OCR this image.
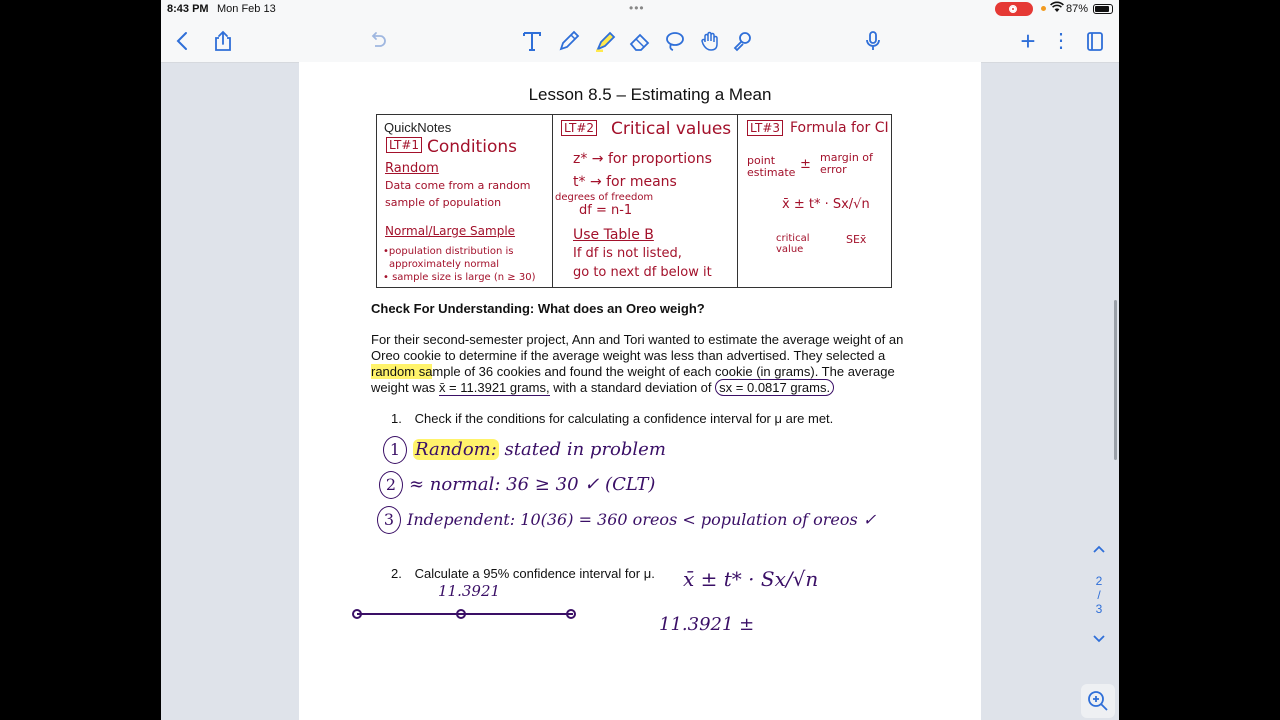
8:43 PM Mon Feb 13	•••	87%
+ ⋮
Lesson 8.5 – Estimating a Mean
QuickNotes
LT#1 Conditions
Random
Data come from a random
sample of population
Normal/Large Sample
•population distribution is
approximately normal
• sample size is large (n ≥ 30)
LT#2 Critical values
z* → for proportions
t* → for means
degrees of freedom
df = n-1
Use Table B
If df is not listed,
go to next df below it
LT#3 Formula for CI
point estimate
± margin of error
x̄ ± t* · Sx/√n
critical value
SEx̄
Check For Understanding: What does an Oreo weigh?
For their second-semester project, Ann and Tori wanted to estimate the average weight of an Oreo cookie to determine if the average weight was less than advertised. They selected a random sample of 36 cookies and found the weight of each cookie (in grams). The average weight was x̄ = 11.3921 grams, with a standard deviation of sx = 0.0817 grams.
1. Check if the conditions for calculating a confidence interval for μ are met.
1 Random: stated in problem
2 ≈ normal: 36 ≥ 30 ✓ (CLT)
3 Independent: 10(36) = 360 oreos < population of oreos ✓
2. Calculate a 95% confidence interval for μ.
11.3921	x̄ ± t* · Sx/√n
11.3921 ±
2
/
3
